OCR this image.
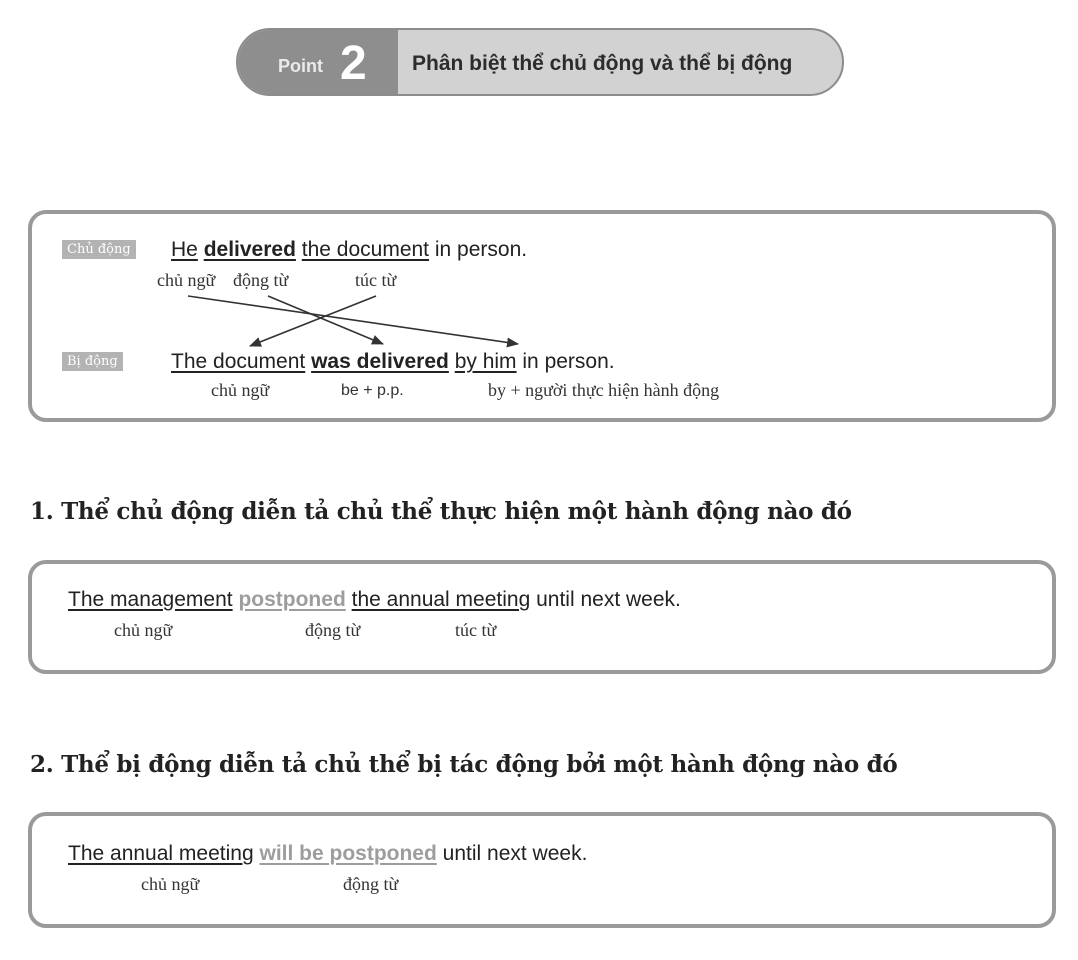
Point 2 Phân biệt thể chủ động và thể bị động
Chủ động He delivered the document in person.
chủ ngữ động từ	túc từ
Bị động	The document was delivered by him in person.
chủ ngữ	be + p.p.	by + người thực hiện hành động
1. Thể chủ động diễn tả chủ thể thực hiện một hành động nào đó
The management postponed the annual meeting until next week.
chủ ngữ	động từ	túc từ
2. Thể bị động diễn tả chủ thể bị tác động bởi một hành động nào đó
The annual meeting will be postponed until next week.
chủ ngữ	động từ
